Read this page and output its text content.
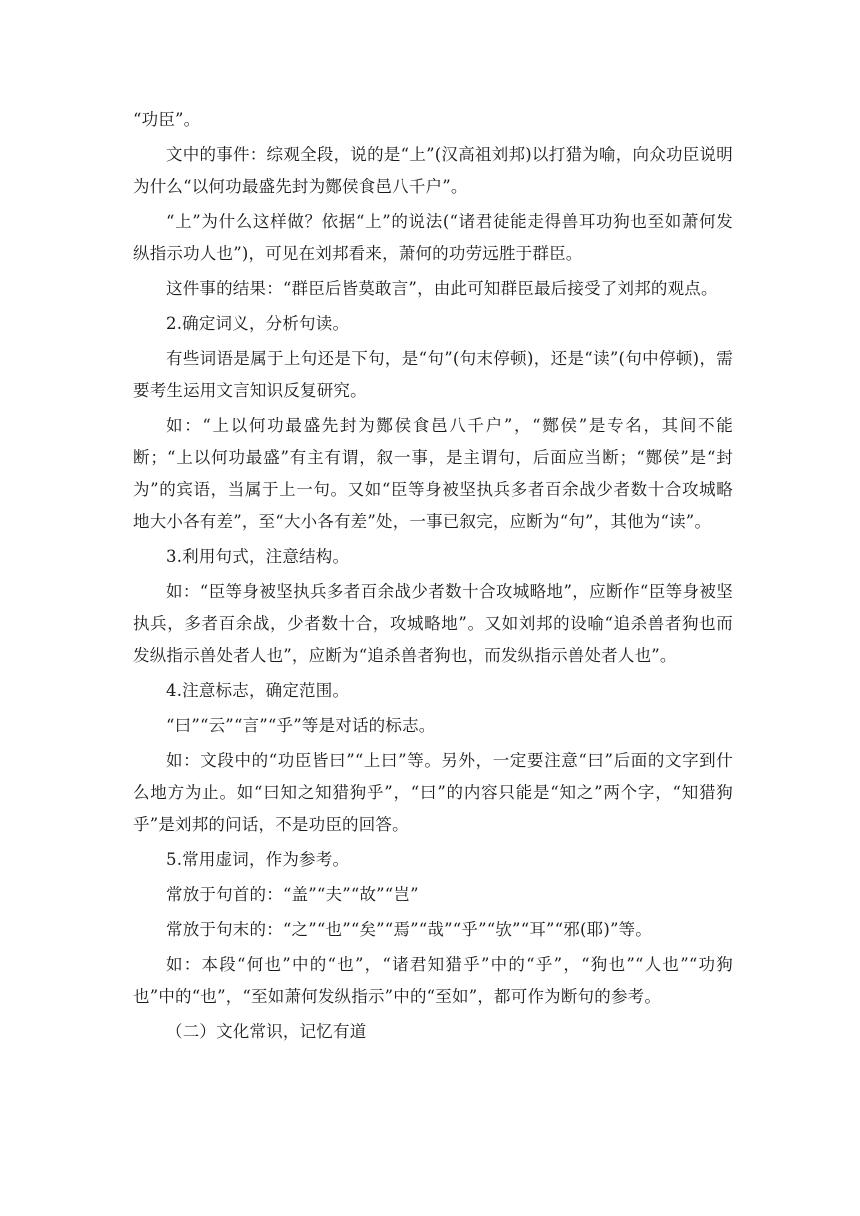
“功臣”。

文中的事件：综观全段，说的是“上”(汉高祖刘邦)以打猎为喻，向众功臣说明为什么“以何功最盛先封为酂侯食邑八千户”。

“上”为什么这样做？依据“上”的说法(“诸君徒能走得兽耳功狗也至如萧何发纵指示功人也”)，可见在刘邦看来，萧何的功劳远胜于群臣。

这件事的结果：“群臣后皆莫敢言”，由此可知群臣最后接受了刘邦的观点。

2.确定词义，分析句读。

有些词语是属于上句还是下句，是“句”(句末停顿)，还是“读”(句中停顿)，需要考生运用文言知识反复研究。

如：“上以何功最盛先封为酂侯食邑八千户”，“酂侯”是专名，其间不能断；“上以何功最盛”有主有谓，叙一事，是主谓句，后面应当断；“酂侯”是“封为”的宾语，当属于上一句。又如“臣等身被坚执兵多者百余战少者数十合攻城略地大小各有差”，至“大小各有差”处，一事已叙完，应断为“句”，其他为“读”。

3.利用句式，注意结构。

如：“臣等身被坚执兵多者百余战少者数十合攻城略地”，应断作“臣等身被坚执兵，多者百余战，少者数十合，攻城略地”。又如刘邦的设喻“追杀兽者狗也而发纵指示兽处者人也”，应断为“追杀兽者狗也，而发纵指示兽处者人也”。

4.注意标志，确定范围。

“曰”“云”“言”“乎”等是对话的标志。

如：文段中的“功臣皆曰”“上曰”等。另外，一定要注意“曰”后面的文字到什么地方为止。如“曰知之知猎狗乎”，“曰”的内容只能是“知之”两个字，“知猎狗乎”是刘邦的问话，不是功臣的回答。

5.常用虚词，作为参考。

常放于句首的：“盖”“夫”“故”“岂”

常放于句末的：“之”“也”“矣”“焉”“哉”“乎”“欤”“耳”“邪(耶)”等。

如：本段“何也”中的“也”，“诸君知猎乎”中的“乎”，“狗也”“人也”“功狗也”中的“也”，“至如萧何发纵指示”中的“至如”，都可作为断句的参考。

（二）文化常识，记忆有道
